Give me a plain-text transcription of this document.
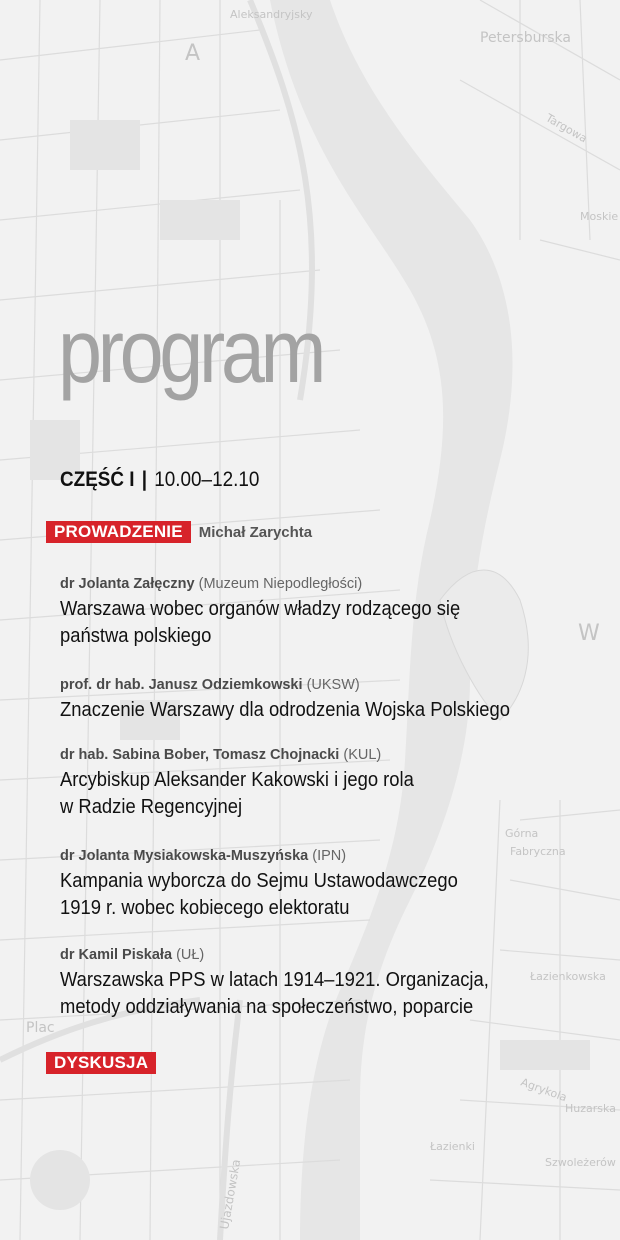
Aleksandryjsky
Petersburska
Targowa
Moskie
Plac
Ujazdowska
Agrykola
Górna
Fabryczna
Łazienkowska
Huzarska
Szwoleżerów
Łazienki
A
W
program
CZĘŚĆ I | 10.00–12.10
PROWADZENIE Michał Zarychta
dr Jolanta Załęczny (Muzeum Niepodległości)
Warszawa wobec organów władzy rodzącego się
państwa polskiego
prof. dr hab. Janusz Odziemkowski (UKSW)
Znaczenie Warszawy dla odrodzenia Wojska Polskiego
dr hab. Sabina Bober, Tomasz Chojnacki (KUL)
Arcybiskup Aleksander Kakowski i jego rola
w Radzie Regencyjnej
dr Jolanta Mysiakowska-Muszyńska (IPN)
Kampania wyborcza do Sejmu Ustawodawczego
1919 r. wobec kobiecego elektoratu
dr Kamil Piskała (UŁ)
Warszawska PPS w latach 1914–1921. Organizacja,
metody oddziaływania na społeczeństwo, poparcie
DYSKUSJA
